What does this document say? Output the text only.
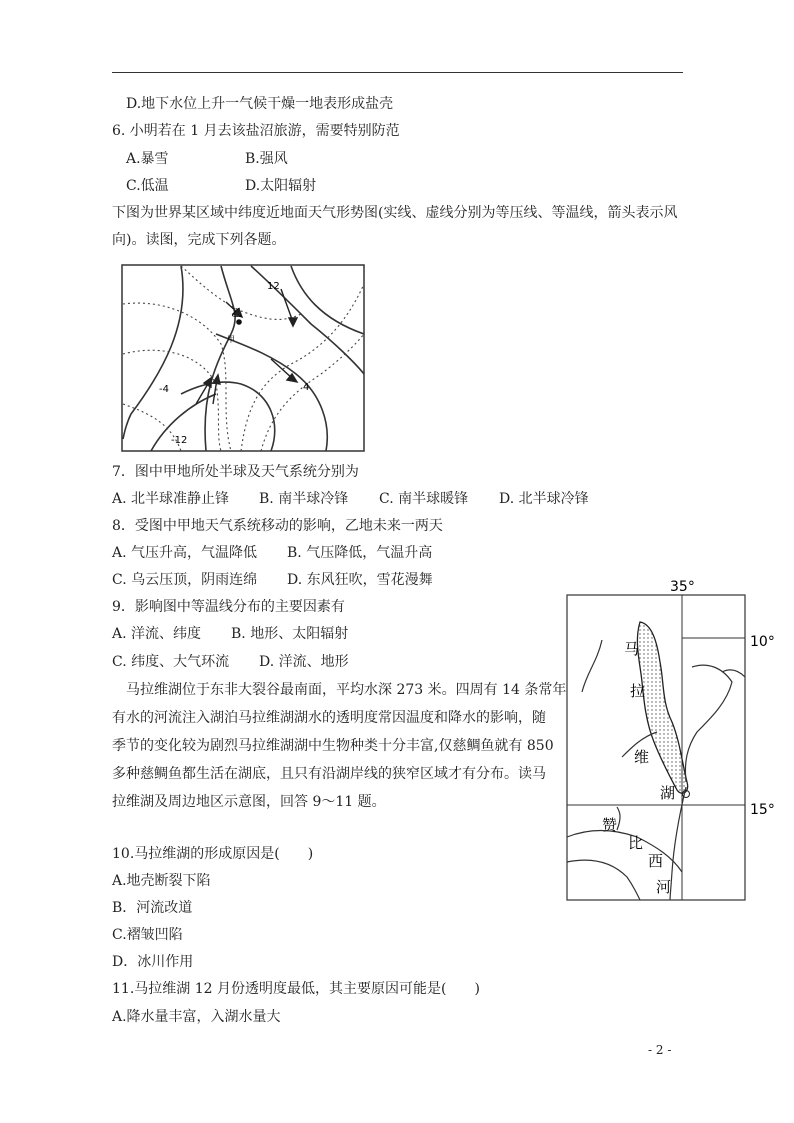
D.地下水位上升一气候干燥一地表形成盐壳
6. 小明若在 1 月去该盐沼旅游，需要特别防范
A.暴雪	B.强风
C.低温	D.太阳辐射
下图为世界某区域中纬度近地面天气形势图(实线、虚线分别为等压线、等温线，箭头表示风
向)。读图，完成下列各题。
乙
甲
12
-4	4
-12
7．图中甲地所处半球及天气系统分别为
A. 北半球准静止锋 B. 南半球冷锋 C. 南半球暖锋 D. 北半球冷锋
8．受图中甲地天气系统移动的影响，乙地未来一两天
A. 气压升高，气温降低 B. 气压降低，气温升高
C. 乌云压顶，阴雨连绵 D. 东风狂吹，雪花漫舞
9．影响图中等温线分布的主要因素有
A. 洋流、纬度 B. 地形、太阳辐射
C. 纬度、大气环流 D. 洋流、地形
马拉维湖位于东非大裂谷最南面，平均水深 273 米。四周有 14 条常年
有水的河流注入湖泊马拉维湖湖水的透明度常因温度和降水的影响，随
季节的变化较为剧烈马拉维湖湖中生物种类十分丰富,仅慈鲷鱼就有 850
多种慈鲷鱼都生活在湖底，且只有沿湖岸线的狭窄区域才有分布。读马
拉维湖及周边地区示意图，回答 9～11 题。
35°
10°
15°
马
拉
维
湖
赞
比
西
河
10.马拉维湖的形成原因是(　　)
A.地壳断裂下陷
B．河流改道
C.褶皱凹陷
D．冰川作用
11.马拉维湖 12 月份透明度最低，其主要原因可能是(　　)
A.降水量丰富，入湖水量大
- 2 -
